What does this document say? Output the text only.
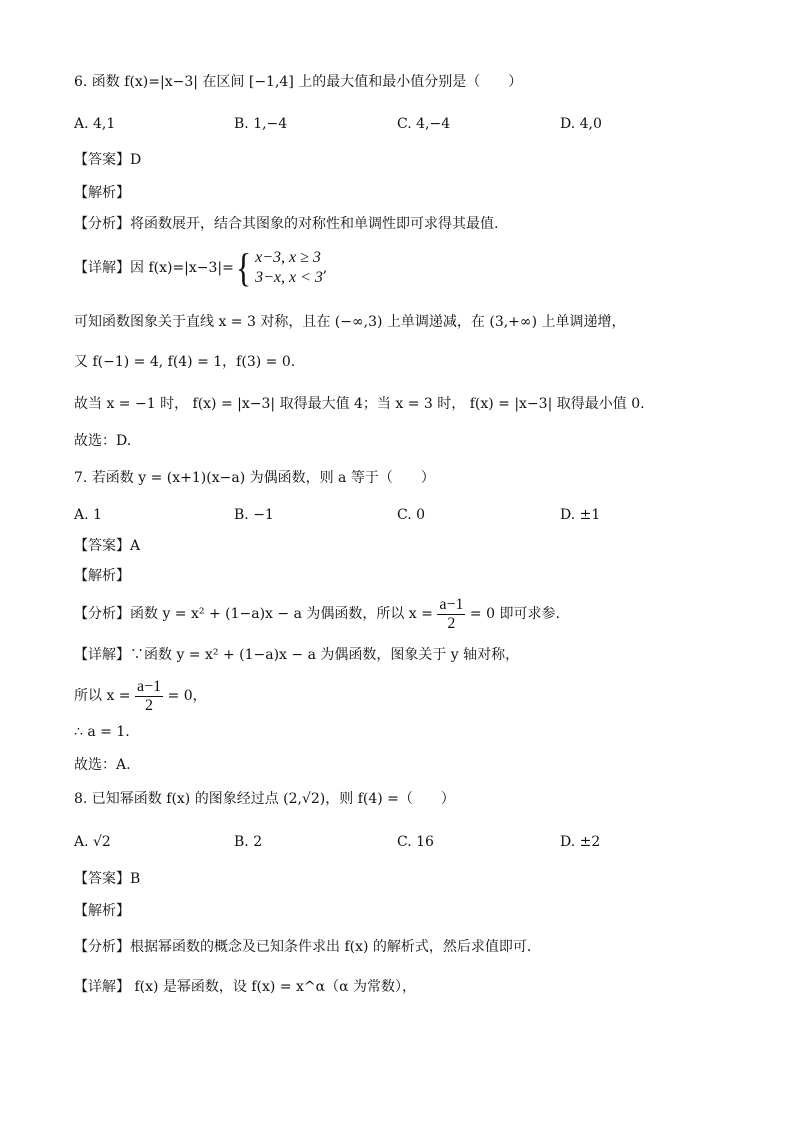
6. 函数 f(x)=|x−3| 在区间 [−1,4] 上的最大值和最小值分别是（　　）
A. 4,1	B. 1,−4	C. 4,−4	D. 4,0
【答案】D
【解析】
【分析】将函数展开，结合其图象的对称性和单调性即可求得其最值.
【详解】因 f(x)=|x−3|={ x−3, x ≥ 3
3−x, x < 3
,
可知函数图象关于直线 x = 3 对称，且在 (−∞,3) 上单调递减，在 (3,+∞) 上单调递增，
又 f(−1) = 4, f(4) = 1，f(3) = 0.
故当 x = −1 时， f(x) = |x−3| 取得最大值 4；当 x = 3 时， f(x) = |x−3| 取得最小值 0.
故选：D.
7. 若函数 y = (x+1)(x−a) 为偶函数，则 a 等于（　　）
A. 1	B. −1	C. 0	D. ±1
【答案】A
【解析】
【分析】函数 y = x² + (1−a)x − a 为偶函数，所以 $x = \frac{a-1}{2} = 0$ 即可求参.
【详解】∵函数 y = x² + (1−a)x − a 为偶函数，图象关于 y 轴对称，
所以 $x = \frac{a-1}{2} = 0$，
∴ a = 1.
故选：A.
8. 已知幂函数 f(x) 的图象经过点 (2,√2)，则 f(4) =（　　）
A. √2	B. 2	C. 16	D. ±2
【答案】B
【解析】
【分析】根据幂函数的概念及已知条件求出 f(x) 的解析式，然后求值即可.
【详解】 f(x) 是幂函数，设 f(x) = x^α（α 为常数），
